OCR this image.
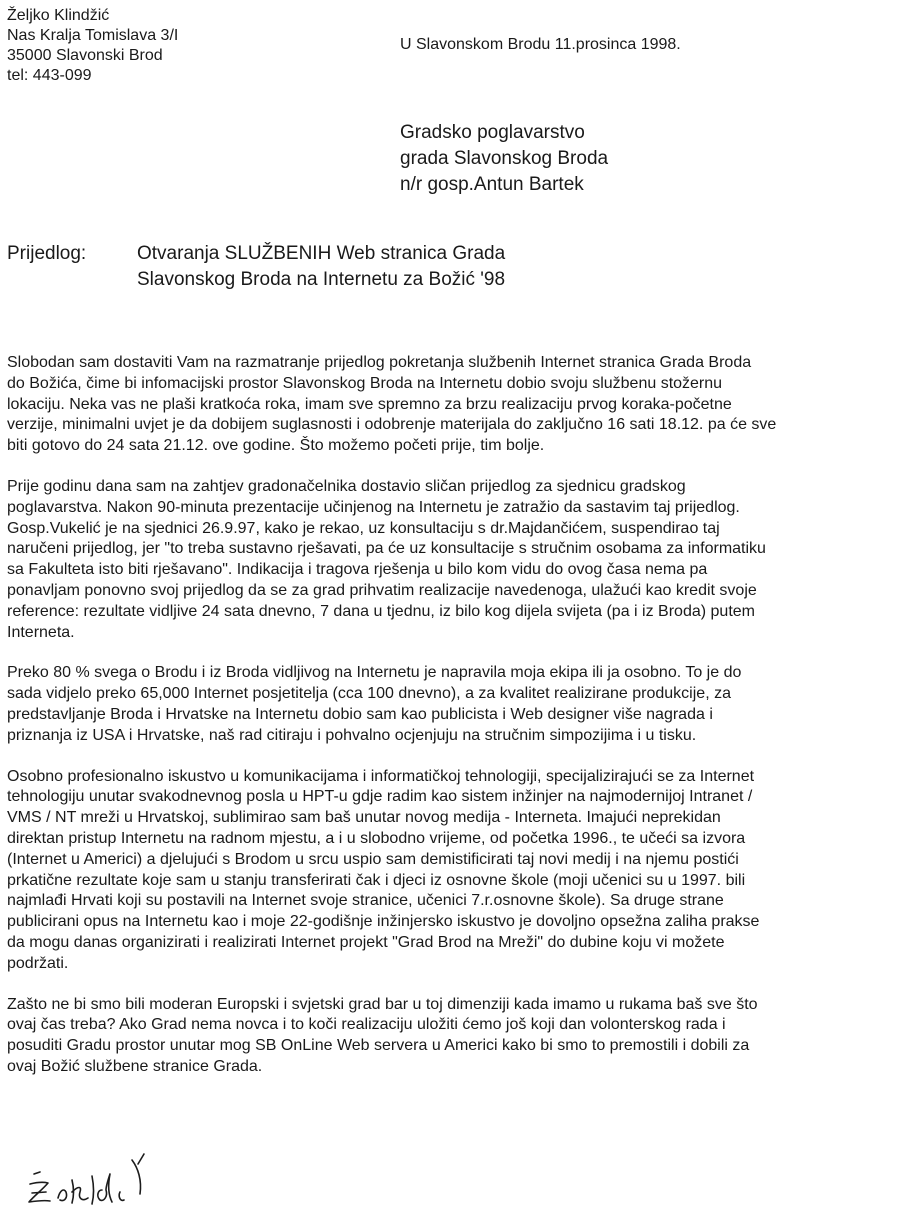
Željko Klindžić
Nas Kralja Tomislava 3/I
35000 Slavonski Brod
tel: 443-099
U Slavonskom Brodu 11.prosinca 1998.
Gradsko poglavarstvo
grada Slavonskog Broda
n/r gosp.Antun Bartek
Prijedlog:	Otvaranja SLUŽBENIH Web stranica Grada
Slavonskog Broda na Internetu za Božić '98
Slobodan sam dostaviti Vam na razmatranje prijedlog pokretanja službenih Internet stranica Grada Broda
do Božića, čime bi infomacijski prostor Slavonskog Broda na Internetu dobio svoju službenu stožernu
lokaciju. Neka vas ne plaši kratkoća roka, imam sve spremno za brzu realizaciju prvog koraka-početne
verzije, minimalni uvjet je da dobijem suglasnosti i odobrenje materijala do zaključno 16 sati 18.12. pa će sve
biti gotovo do 24 sata 21.12. ove godine. Što možemo početi prije, tim bolje.
Prije godinu dana sam na zahtjev gradonačelnika dostavio sličan prijedlog za sjednicu gradskog
poglavarstva. Nakon 90-minuta prezentacije učinjenog na Internetu je zatražio da sastavim taj prijedlog.
Gosp.Vukelić je na sjednici 26.9.97, kako je rekao, uz konsultaciju s dr.Majdančićem, suspendirao taj
naručeni prijedlog, jer "to treba sustavno rješavati, pa će uz konsultacije s stručnim osobama za informatiku
sa Fakulteta isto biti rješavano". Indikacija i tragova rješenja u bilo kom vidu do ovog časa nema pa
ponavljam ponovno svoj prijedlog da se za grad prihvatim realizacije navedenoga, ulažući kao kredit svoje
reference: rezultate vidljive 24 sata dnevno, 7 dana u tjednu, iz bilo kog dijela svijeta (pa i iz Broda) putem
Interneta.
Preko 80 % svega o Brodu i iz Broda vidljivog na Internetu je napravila moja ekipa ili ja osobno. To je do
sada vidjelo preko 65,000 Internet posjetitelja (cca 100 dnevno), a za kvalitet realizirane produkcije, za
predstavljanje Broda i Hrvatske na Internetu dobio sam kao publicista i Web designer više nagrada i
priznanja iz USA i Hrvatske, naš rad citiraju i pohvalno ocjenjuju na stručnim simpozijima i u tisku.
Osobno profesionalno iskustvo u komunikacijama i informatičkoj tehnologiji, specijalizirajući se za Internet
tehnologiju unutar svakodnevnog posla u HPT-u gdje radim kao sistem inžinjer na najmodernijoj Intranet /
VMS / NT mreži u Hrvatskoj, sublimirao sam baš unutar novog medija - Interneta. Imajući neprekidan
direktan pristup Internetu na radnom mjestu, a i u slobodno vrijeme, od početka 1996., te učeći sa izvora
(Internet u Americi) a djelujući s Brodom u srcu uspio sam demistificirati taj novi medij i na njemu postići
prkatične rezultate koje sam u stanju transferirati čak i djeci iz osnovne škole (moji učenici su u 1997. bili
najmlađi Hrvati koji su postavili na Internet svoje stranice, učenici 7.r.osnovne škole). Sa druge strane
publicirani opus na Internetu kao i moje 22-godišnje inžinjersko iskustvo je dovoljno opsežna zaliha prakse
da mogu danas organizirati i realizirati Internet projekt "Grad Brod na Mreži" do dubine koju vi možete
podržati.
Zašto ne bi smo bili moderan Europski i svjetski grad bar u toj dimenziji kada imamo u rukama baš sve što
ovaj čas treba? Ako Grad nema novca i to koči realizaciju uložiti ćemo još koji dan volonterskog rada i
posuditi Gradu prostor unutar mog SB OnLine Web servera u Americi kako bi smo to premostili i dobili za
ovaj Božić službene stranice Grada.
